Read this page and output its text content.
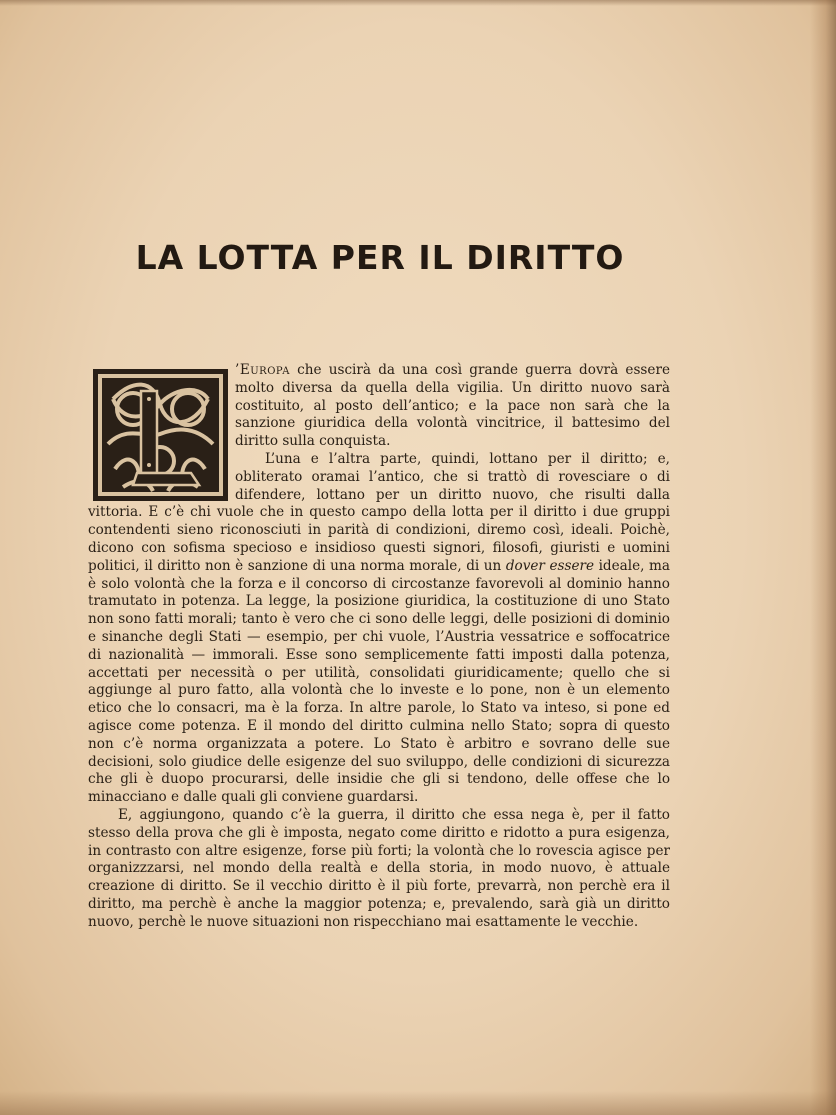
LA LOTTA PER IL DIRITTO

’Europa che uscirà da una così grande guerra dovrà essere molto diversa da quella della vigilia. Un diritto nuovo sarà costituito, al posto dell’antico; e la pace non sarà che la sanzione giuridica della volontà vincitrice, il battesimo del diritto sulla conquista.

L’una e l’altra parte, quindi, lottano per il diritto; e, obliterato oramai l’antico, che si trattò di rovesciare o di difendere, lottano per un diritto nuovo, che risulti dalla vittoria. E c’è chi vuole che in questo campo della lotta per il diritto i due gruppi contendenti sieno riconosciuti in parità di condizioni, diremo così, ideali. Poichè, dicono con sofisma specioso e insidioso questi signori, filosofi, giuristi e uomini politici, il diritto non è sanzione di una norma morale, di un dover essere ideale, ma è solo volontà che la forza e il concorso di circostanze favorevoli al dominio hanno tramutato in potenza. La legge, la posizione giuridica, la costituzione di uno Stato non sono fatti morali; tanto è vero che ci sono delle leggi, delle posizioni di dominio e sinanche degli Stati — esempio, per chi vuole, l’Austria vessatrice e soffocatrice di nazionalità — immorali. Esse sono semplicemente fatti imposti dalla potenza, accettati per necessità o per utilità, consolidati giuridicamente; quello che si aggiunge al puro fatto, alla volontà che lo investe e lo pone, non è un elemento etico che lo consacri, ma è la forza. In altre parole, lo Stato va inteso, si pone ed agisce come potenza. E il mondo del diritto culmina nello Stato; sopra di questo non c’è norma organizzata a potere. Lo Stato è arbitro e sovrano delle sue decisioni, solo giudice delle esigenze del suo sviluppo, delle condizioni di sicurezza che gli è duopo procurarsi, delle insidie che gli si tendono, delle offese che lo minacciano e dalle quali gli conviene guardarsi.

E, aggiungono, quando c’è la guerra, il diritto che essa nega è, per il fatto stesso della prova che gli è imposta, negato come diritto e ridotto a pura esigenza, in contrasto con altre esigenze, forse più forti; la volontà che lo rovescia agisce per organizzzarsi, nel mondo della realtà e della storia, in modo nuovo, è attuale creazione di diritto. Se il vecchio diritto è il più forte, prevarrà, non perchè era il diritto, ma perchè è anche la maggior potenza; e, prevalendo, sarà già un diritto nuovo, perchè le nuove situazioni non rispecchiano mai esattamente le vecchie.
